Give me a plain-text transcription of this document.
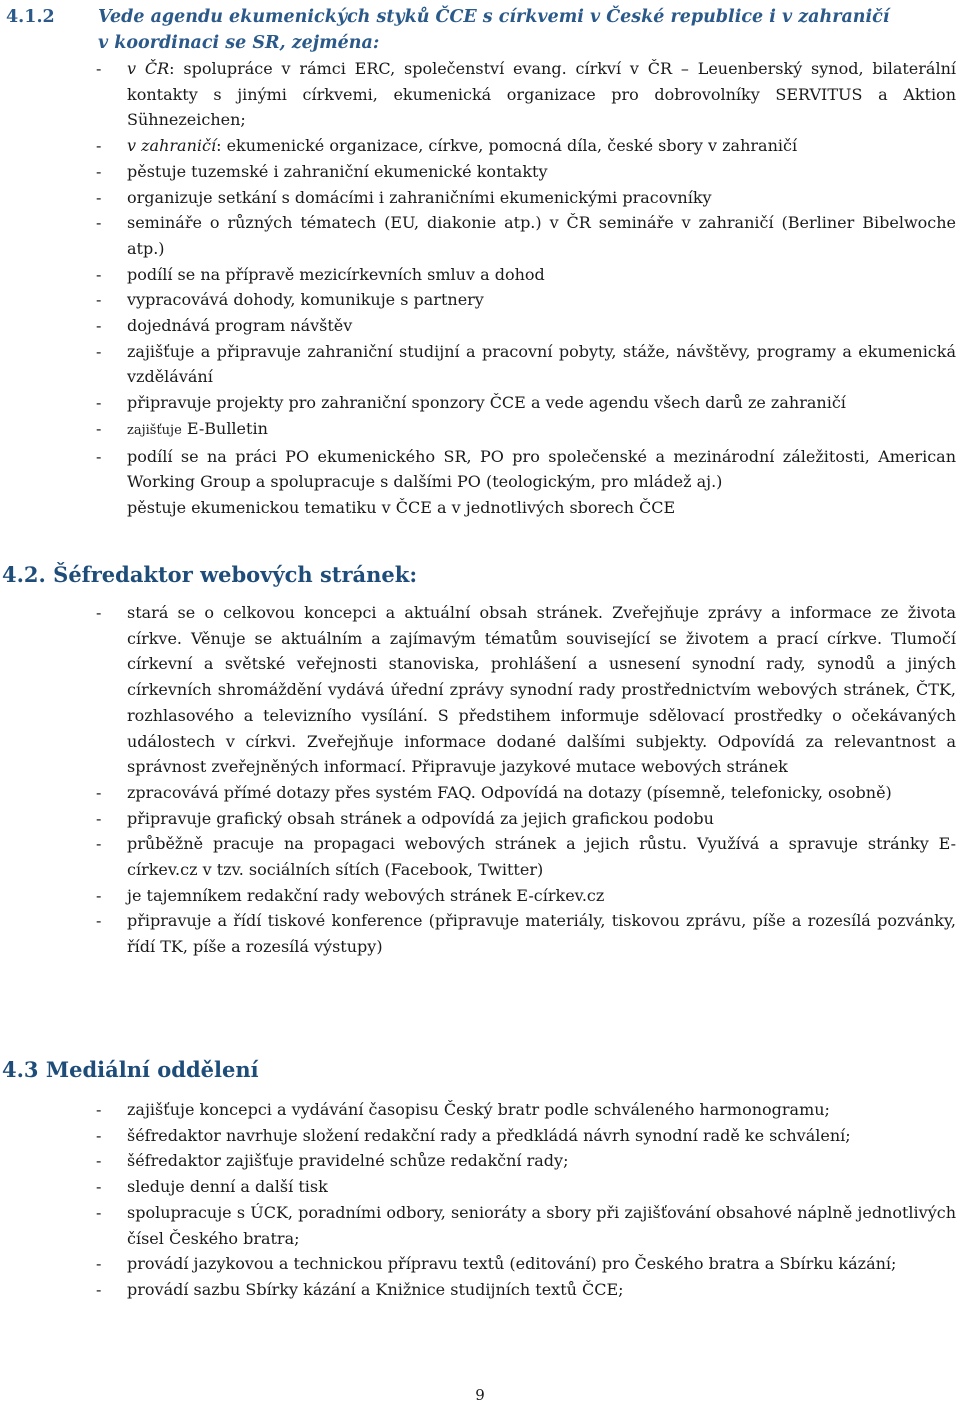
4.1.2	Vede agendu ekumenických styků ČCE s církvemi v České republice i v zahraničí
v koordinaci se SR, zejména:
- v ČR: spolupráce v rámci ERC, společenství evang. církví v ČR – Leuenberský synod, bilaterální kontakty s jinými církvemi, ekumenická organizace pro dobrovolníky SERVITUS a Aktion Sühnezeichen;
- v zahraničí: ekumenické organizace, církve, pomocná díla, české sbory v zahraničí
- pěstuje tuzemské i zahraniční ekumenické kontakty
- organizuje setkání s domácími i zahraničními ekumenickými pracovníky
- semináře o různých tématech (EU, diakonie atp.) v ČR semináře v zahraničí (Berliner Bibelwoche atp.)
- podílí se na přípravě mezicírkevních smluv a dohod
- vypracovává dohody, komunikuje s partnery
- dojednává program návštěv
- zajišťuje a připravuje zahraniční studijní a pracovní pobyty, stáže, návštěvy, programy a ekumenická vzdělávání
- připravuje projekty pro zahraniční sponzory ČCE a vede agendu všech darů ze zahraničí
- zajišťuje E-Bulletin
- podílí se na práci PO ekumenického SR, PO pro společenské a mezinárodní záležitosti, American Working Group a spolupracuje s dalšími PO (teologickým, pro mládež aj.)
pěstuje ekumenickou tematiku v ČCE a v jednotlivých sborech ČCE
4.2. Šéfredaktor webových stránek:
- stará se o celkovou koncepci a aktuální obsah stránek. Zveřejňuje zprávy a informace ze života církve. Věnuje se aktuálním a zajímavým tématům související se životem a prací církve. Tlumočí církevní a světské veřejnosti stanoviska, prohlášení a usnesení synodní rady, synodů a jiných církevních shromáždění vydává úřední zprávy synodní rady prostřednictvím webových stránek, ČTK, rozhlasového a televizního vysílání. S předstihem informuje sdělovací prostředky o očekávaných událostech v církvi. Zveřejňuje informace dodané dalšími subjekty. Odpovídá za relevantnost a správnost zveřejněných informací. Připravuje jazykové mutace webových stránek
- zpracovává přímé dotazy přes systém FAQ. Odpovídá na dotazy (písemně, telefonicky, osobně)
- připravuje grafický obsah stránek a odpovídá za jejich grafickou podobu
- průběžně pracuje na propagaci webových stránek a jejich růstu. Využívá a spravuje stránky E-církev.cz v tzv. sociálních sítích (Facebook, Twitter)
- je tajemníkem redakční rady webových stránek E-církev.cz
- připravuje a řídí tiskové konference (připravuje materiály, tiskovou zprávu, píše a rozesílá pozvánky, řídí TK, píše a rozesílá výstupy)
4.3 Mediální oddělení
- zajišťuje koncepci a vydávání časopisu Český bratr podle schváleného harmonogramu;
- šéfredaktor navrhuje složení redakční rady a předkládá návrh synodní radě ke schválení;
- šéfredaktor zajišťuje pravidelné schůze redakční rady;
- sleduje denní a další tisk
- spolupracuje s ÚCK, poradními odbory, senioráty a sbory při zajišťování obsahové náplně jednotlivých čísel Českého bratra;
- provádí jazykovou a technickou přípravu textů (editování) pro Českého bratra a Sbírku kázání;
- provádí sazbu Sbírky kázání a Knižnice studijních textů ČCE;
9
